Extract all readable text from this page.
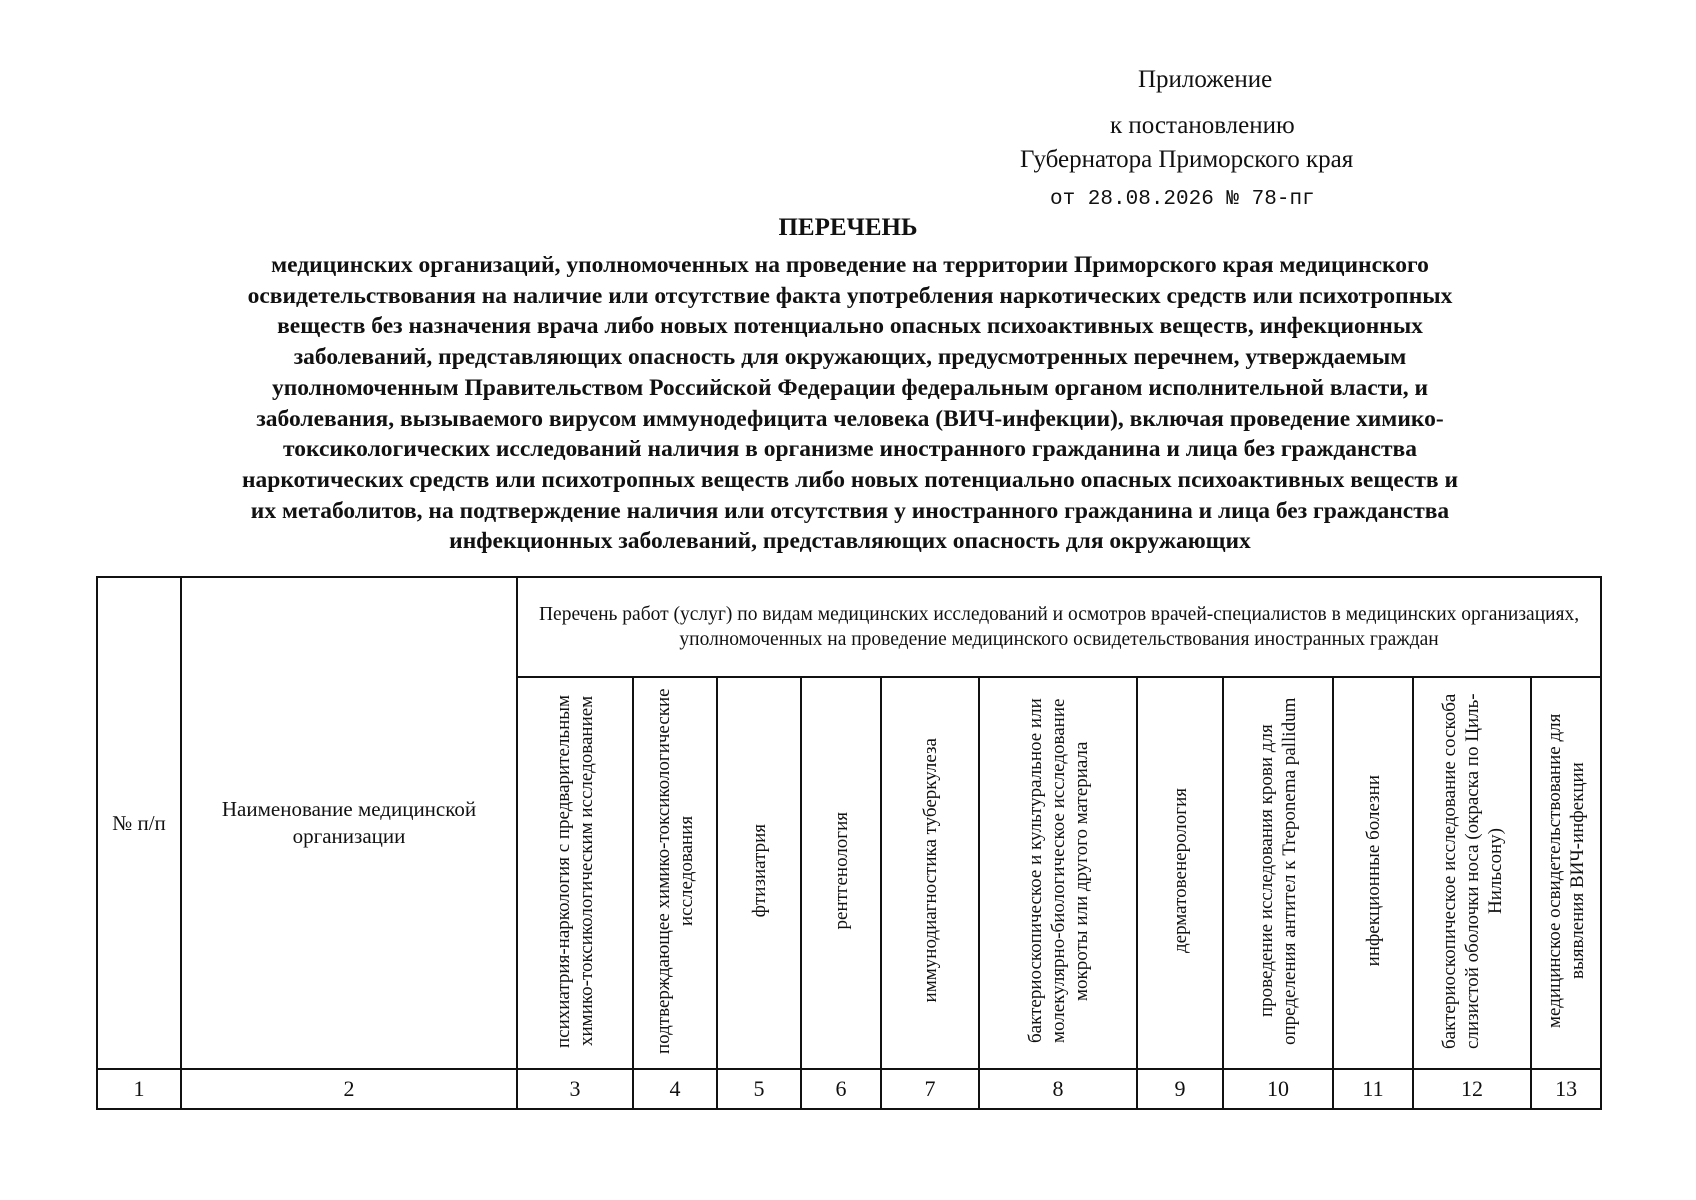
Приложение
к постановлению
Губернатора Приморского края
от 28.08.2026 № 78-пг
ПЕРЕЧЕНЬ
медицинских организаций, уполномоченных на проведение на территории Приморского края медицинского
освидетельствования на наличие или отсутствие факта употребления наркотических средств или психотропных
веществ без назначения врача либо новых потенциально опасных психоактивных веществ, инфекционных
заболеваний, представляющих опасность для окружающих, предусмотренных перечнем, утверждаемым
уполномоченным Правительством Российской Федерации федеральным органом исполнительной власти, и
заболевания, вызываемого вирусом иммунодефицита человека (ВИЧ-инфекции), включая проведение химико-
токсикологических исследований наличия в организме иностранного гражданина и лица без гражданства
наркотических средств или психотропных веществ либо новых потенциально опасных психоактивных веществ и
их метаболитов, на подтверждение наличия или отсутствия у иностранного гражданина и лица без гражданства
инфекционных заболеваний, представляющих опасность для окружающих
№ п/п	Наименование медицинской организации	Перечень работ (услуг) по видам медицинских исследований и осмотров врачей-специалистов в медицинских организациях, уполномоченных на проведение медицинского освидетельствования иностранных граждан										
		психиатрия-наркология с предварительным химико-токсикологическим исследованием	подтверждающее химико-токсикологические исследования	фтизиатрия	рентгенология	иммунодиагностика туберкулеза	бактериоскопическое и культуральное или молекулярно-биологическое исследование мокроты или другого материала	дерматовенерология	проведение исследования крови для определения антител к Treponema pallidum	инфекционные болезни	бактериоскопическое исследование соскоба слизистой оболочки носа (окраска по Циль-Нильсону)	медицинское освидетельствование для выявления ВИЧ-инфекции
1	2	3	4	5	6	7	8	9	10	11	12	13
